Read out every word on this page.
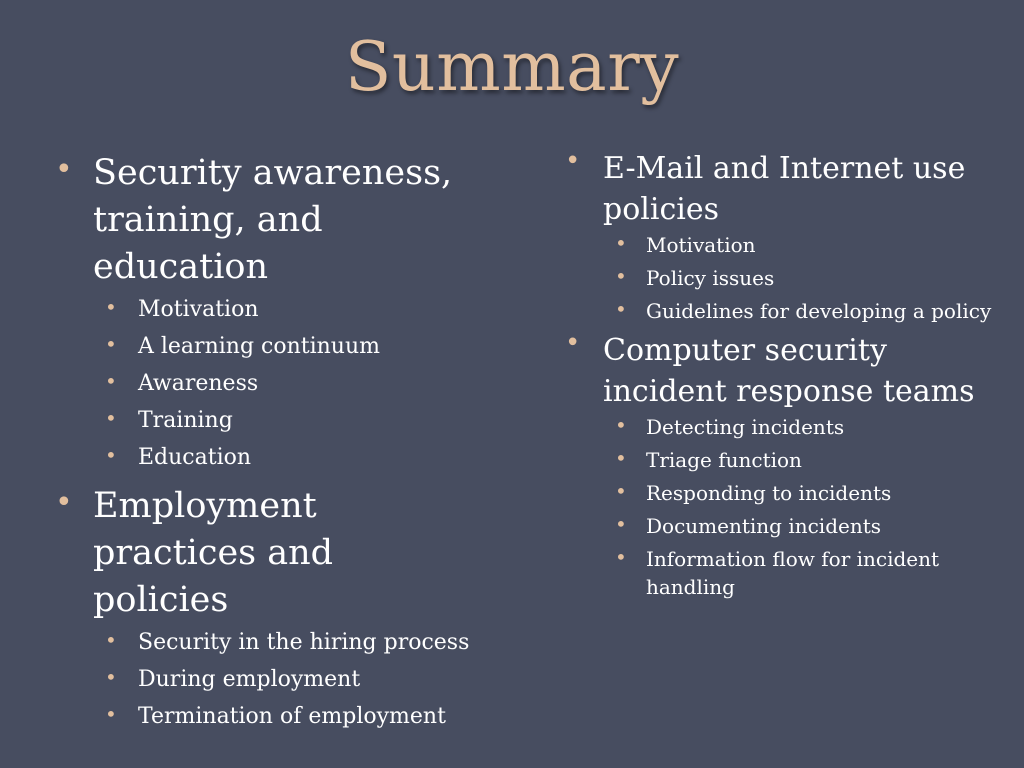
Summary
• Security awareness, training, and education
• Motivation
• A learning continuum
• Awareness
• Training
• Education
• Employment practices and policies
• Security in the hiring process
• During employment
• Termination of employment
• E-Mail and Internet use policies
• Motivation
• Policy issues
• Guidelines for developing a policy
• Computer security incident response teams
• Detecting incidents
• Triage function
• Responding to incidents
• Documenting incidents
• Information flow for incident handling
